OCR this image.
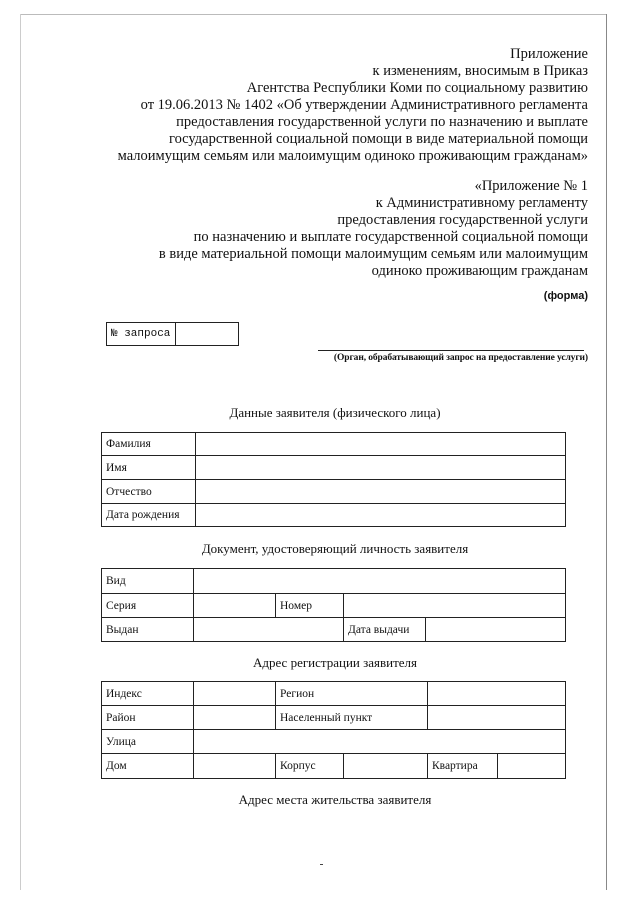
Приложение
к изменениям, вносимым в Приказ
Агентства Республики Коми по социальному развитию
от 19.06.2013 № 1402 «Об утверждении Административного регламента
предоставления государственной услуги по назначению и выплате
государственной социальной помощи в виде материальной помощи
малоимущим семьям или малоимущим одиноко проживающим гражданам»
«Приложение № 1
к Административному регламенту
предоставления государственной услуги
по назначению и выплате государственной социальной помощи
в виде материальной помощи малоимущим семьям или малоимущим
одиноко проживающим гражданам
(форма)
№ запроса	
(Орган, обрабатывающий запрос на предоставление услуги)
Данные заявителя (физического лица)
Фамилия	
Имя	
Отчество	
Дата рождения	
Документ, удостоверяющий личность заявителя
Вид				
Серия		Номер		
Выдан			Дата выдачи	
Адрес регистрации заявителя
Индекс		Регион			
Район		Населенный пункт			
Улица					
Дом		Корпус		Квартира	
Адрес места жительства заявителя
